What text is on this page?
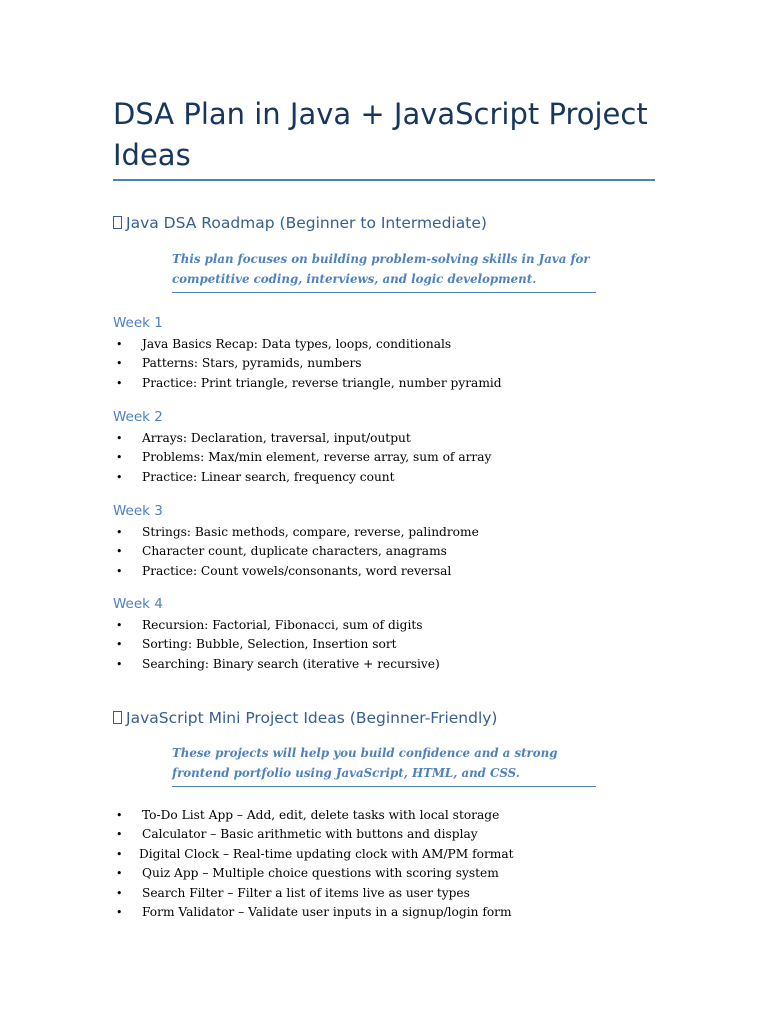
DSA Plan in Java + JavaScript Project Ideas
Java DSA Roadmap (Beginner to Intermediate)
This plan focuses on building problem-solving skills in Java for competitive coding, interviews, and logic development.
Week 1
• Java Basics Recap: Data types, loops, conditionals
• Patterns: Stars, pyramids, numbers
• Practice: Print triangle, reverse triangle, number pyramid
Week 2
• Arrays: Declaration, traversal, input/output
• Problems: Max/min element, reverse array, sum of array
• Practice: Linear search, frequency count
Week 3
• Strings: Basic methods, compare, reverse, palindrome
• Character count, duplicate characters, anagrams
• Practice: Count vowels/consonants, word reversal
Week 4
• Recursion: Factorial, Fibonacci, sum of digits
• Sorting: Bubble, Selection, Insertion sort
• Searching: Binary search (iterative + recursive)
JavaScript Mini Project Ideas (Beginner-Friendly)
These projects will help you build confidence and a strong frontend portfolio using JavaScript, HTML, and CSS.
• To-Do List App – Add, edit, delete tasks with local storage
• Calculator – Basic arithmetic with buttons and display
• Digital Clock – Real-time updating clock with AM/PM format
• Quiz App – Multiple choice questions with scoring system
• Search Filter – Filter a list of items live as user types
• Form Validator – Validate user inputs in a signup/login form
